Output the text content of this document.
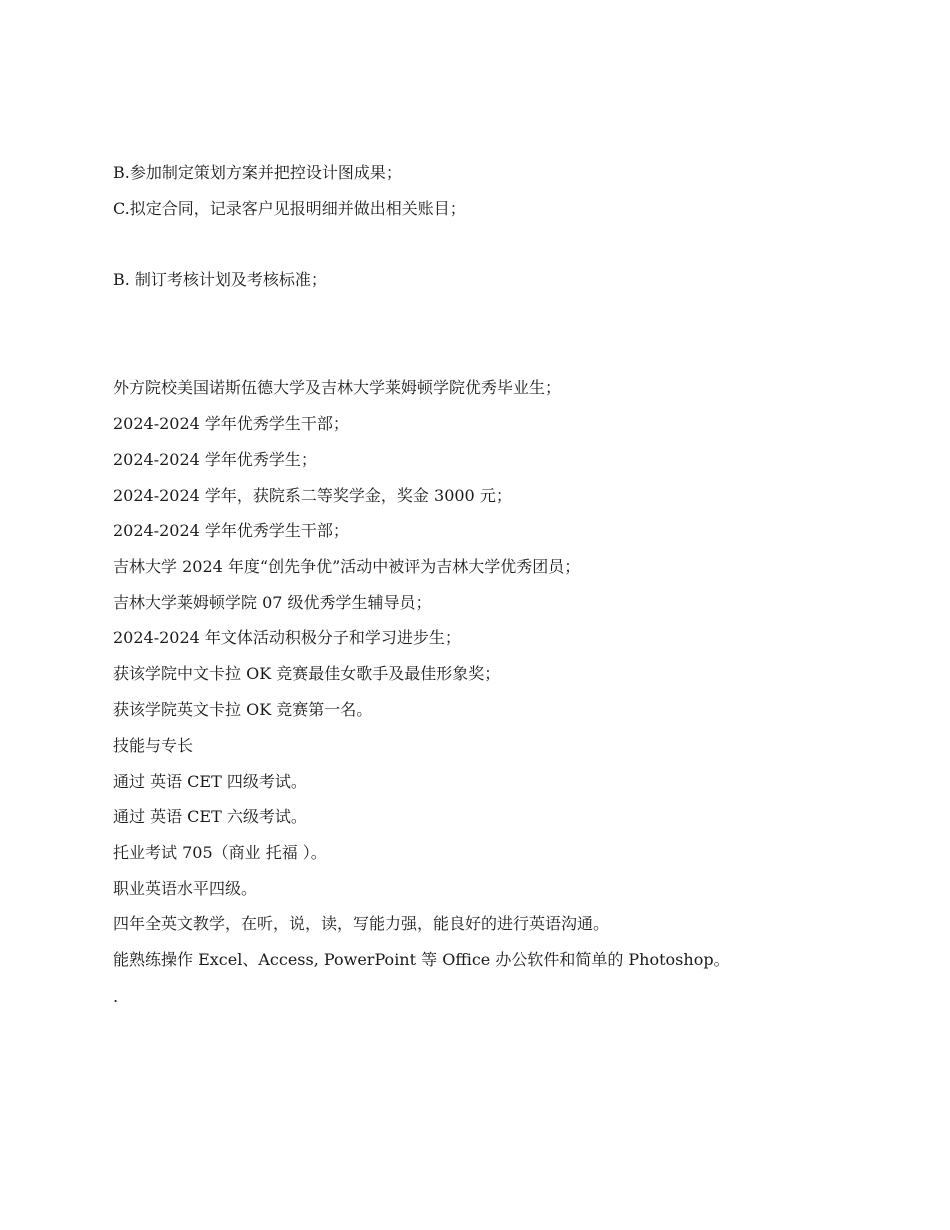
B.参加制定策划方案并把控设计图成果；
C.拟定合同，记录客户见报明细并做出相关账目；
B. 制订考核计划及考核标准；
外方院校美国诺斯伍德大学及吉林大学莱姆顿学院优秀毕业生；
2024-2024 学年优秀学生干部；
2024-2024 学年优秀学生；
2024-2024 学年，获院系二等奖学金，奖金 3000 元；
2024-2024 学年优秀学生干部；
吉林大学 2024 年度“创先争优”活动中被评为吉林大学优秀团员；
吉林大学莱姆顿学院 07 级优秀学生辅导员；
2024-2024 年文体活动积极分子和学习进步生；
获该学院中文卡拉 OK 竞赛最佳女歌手及最佳形象奖；
获该学院英文卡拉 OK 竞赛第一名。
技能与专长
通过 英语 CET 四级考试。
通过 英语 CET 六级考试。
托业考试 705（商业 托福 ）。
职业英语水平四级。
四年全英文教学，在听，说，读，写能力强，能良好的进行英语沟通。
能熟练操作 Excel、Access, PowerPoint 等 Office 办公软件和简单的 Photoshop。
.
